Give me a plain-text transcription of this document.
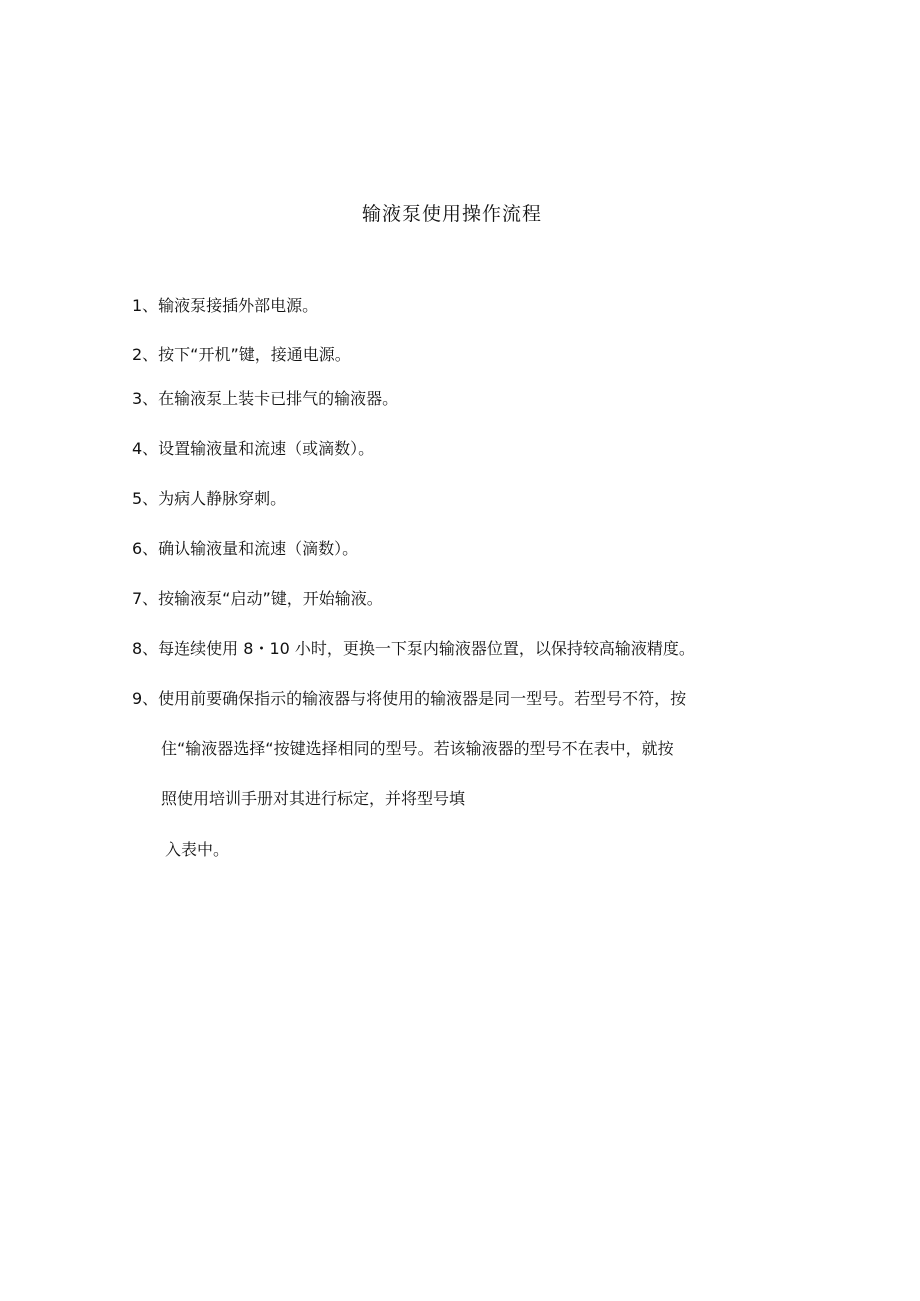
输液泵使用操作流程
1、输液泵接插外部电源。
2、按下“开机”键，接通电源。
3、在输液泵上装卡已排气的输液器。
4、设置输液量和流速（或滴数）。
5、为病人静脉穿刺。
6、确认输液量和流速（滴数）。
7、按输液泵“启动”键，开始输液。
8、每连续使用 8・10 小时，更换一下泵内输液器位置，以保持较高输液精度。
9、使用前要确保指示的输液器与将使用的输液器是同一型号。若型号不符，按
住“输液器选择“按键选择相同的型号。若该输液器的型号不在表中，就按
照使用培训手册对其进行标定，并将型号填
入表中。
